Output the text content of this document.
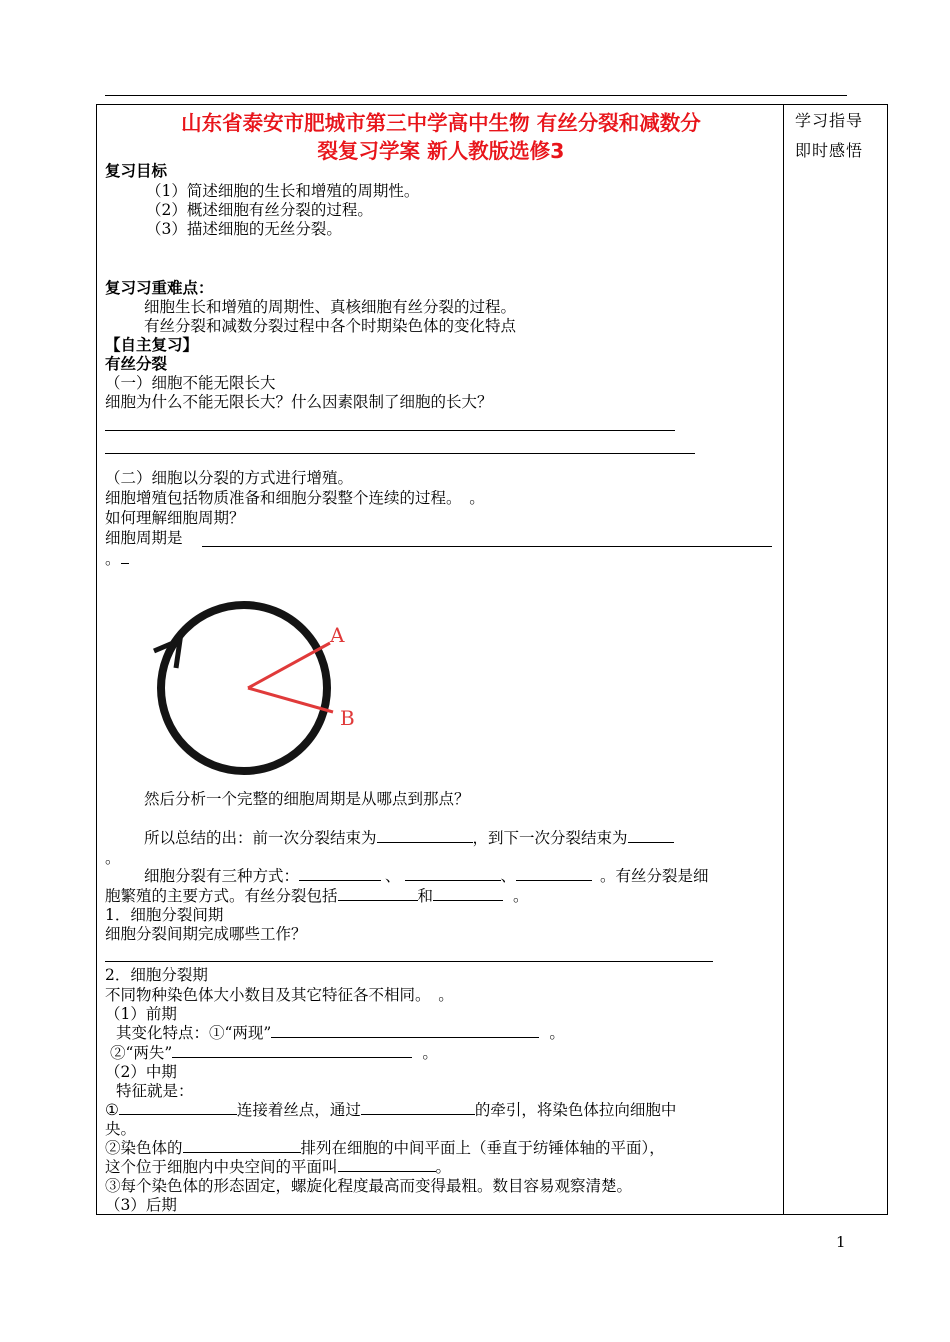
学习指导
即时感悟
山东省泰安市肥城市第三中学高中生物 有丝分裂和减数分
裂复习学案 新人教版选修3
复习目标
（1）简述细胞的生长和增殖的周期性。
（2）概述细胞有丝分裂的过程。
（3）描述细胞的无丝分裂。
复习习重难点：
细胞生长和增殖的周期性、真核细胞有丝分裂的过程。
有丝分裂和减数分裂过程中各个时期染色体的变化特点
【自主复习】
有丝分裂
（一）细胞不能无限长大
细胞为什么不能无限长大？什么因素限制了细胞的长大？
（二）细胞以分裂的方式进行增殖。
细胞增殖包括物质准备和细胞分裂整个连续的过程。　。
如何理解细胞周期？
细胞周期是
。
A
B
然后分析一个完整的细胞周期是从哪点到那点？
所以总结的出：前一次分裂结束为	，到下一次分裂结束为
。
细胞分裂有三种方式：	、	、	。有丝分裂是细
胞繁殖的主要方式。有丝分裂包括	和	。
1．细胞分裂间期
细胞分裂间期完成哪些工作？
2．细胞分裂期
不同物种染色体大小数目及其它特征各不相同。　。
（1）前期
其变化特点：①“两现”	。
②“两失”	。
（2）中期
特征就是：
①	连接着丝点，通过	的牵引，将染色体拉向细胞中
央。
②染色体的	排列在细胞的中间平面上（垂直于纺锤体轴的平面），
这个位于细胞内中央空间的平面叫	。
③每个染色体的形态固定，螺旋化程度最高而变得最粗。数目容易观察清楚。
（3）后期
1
